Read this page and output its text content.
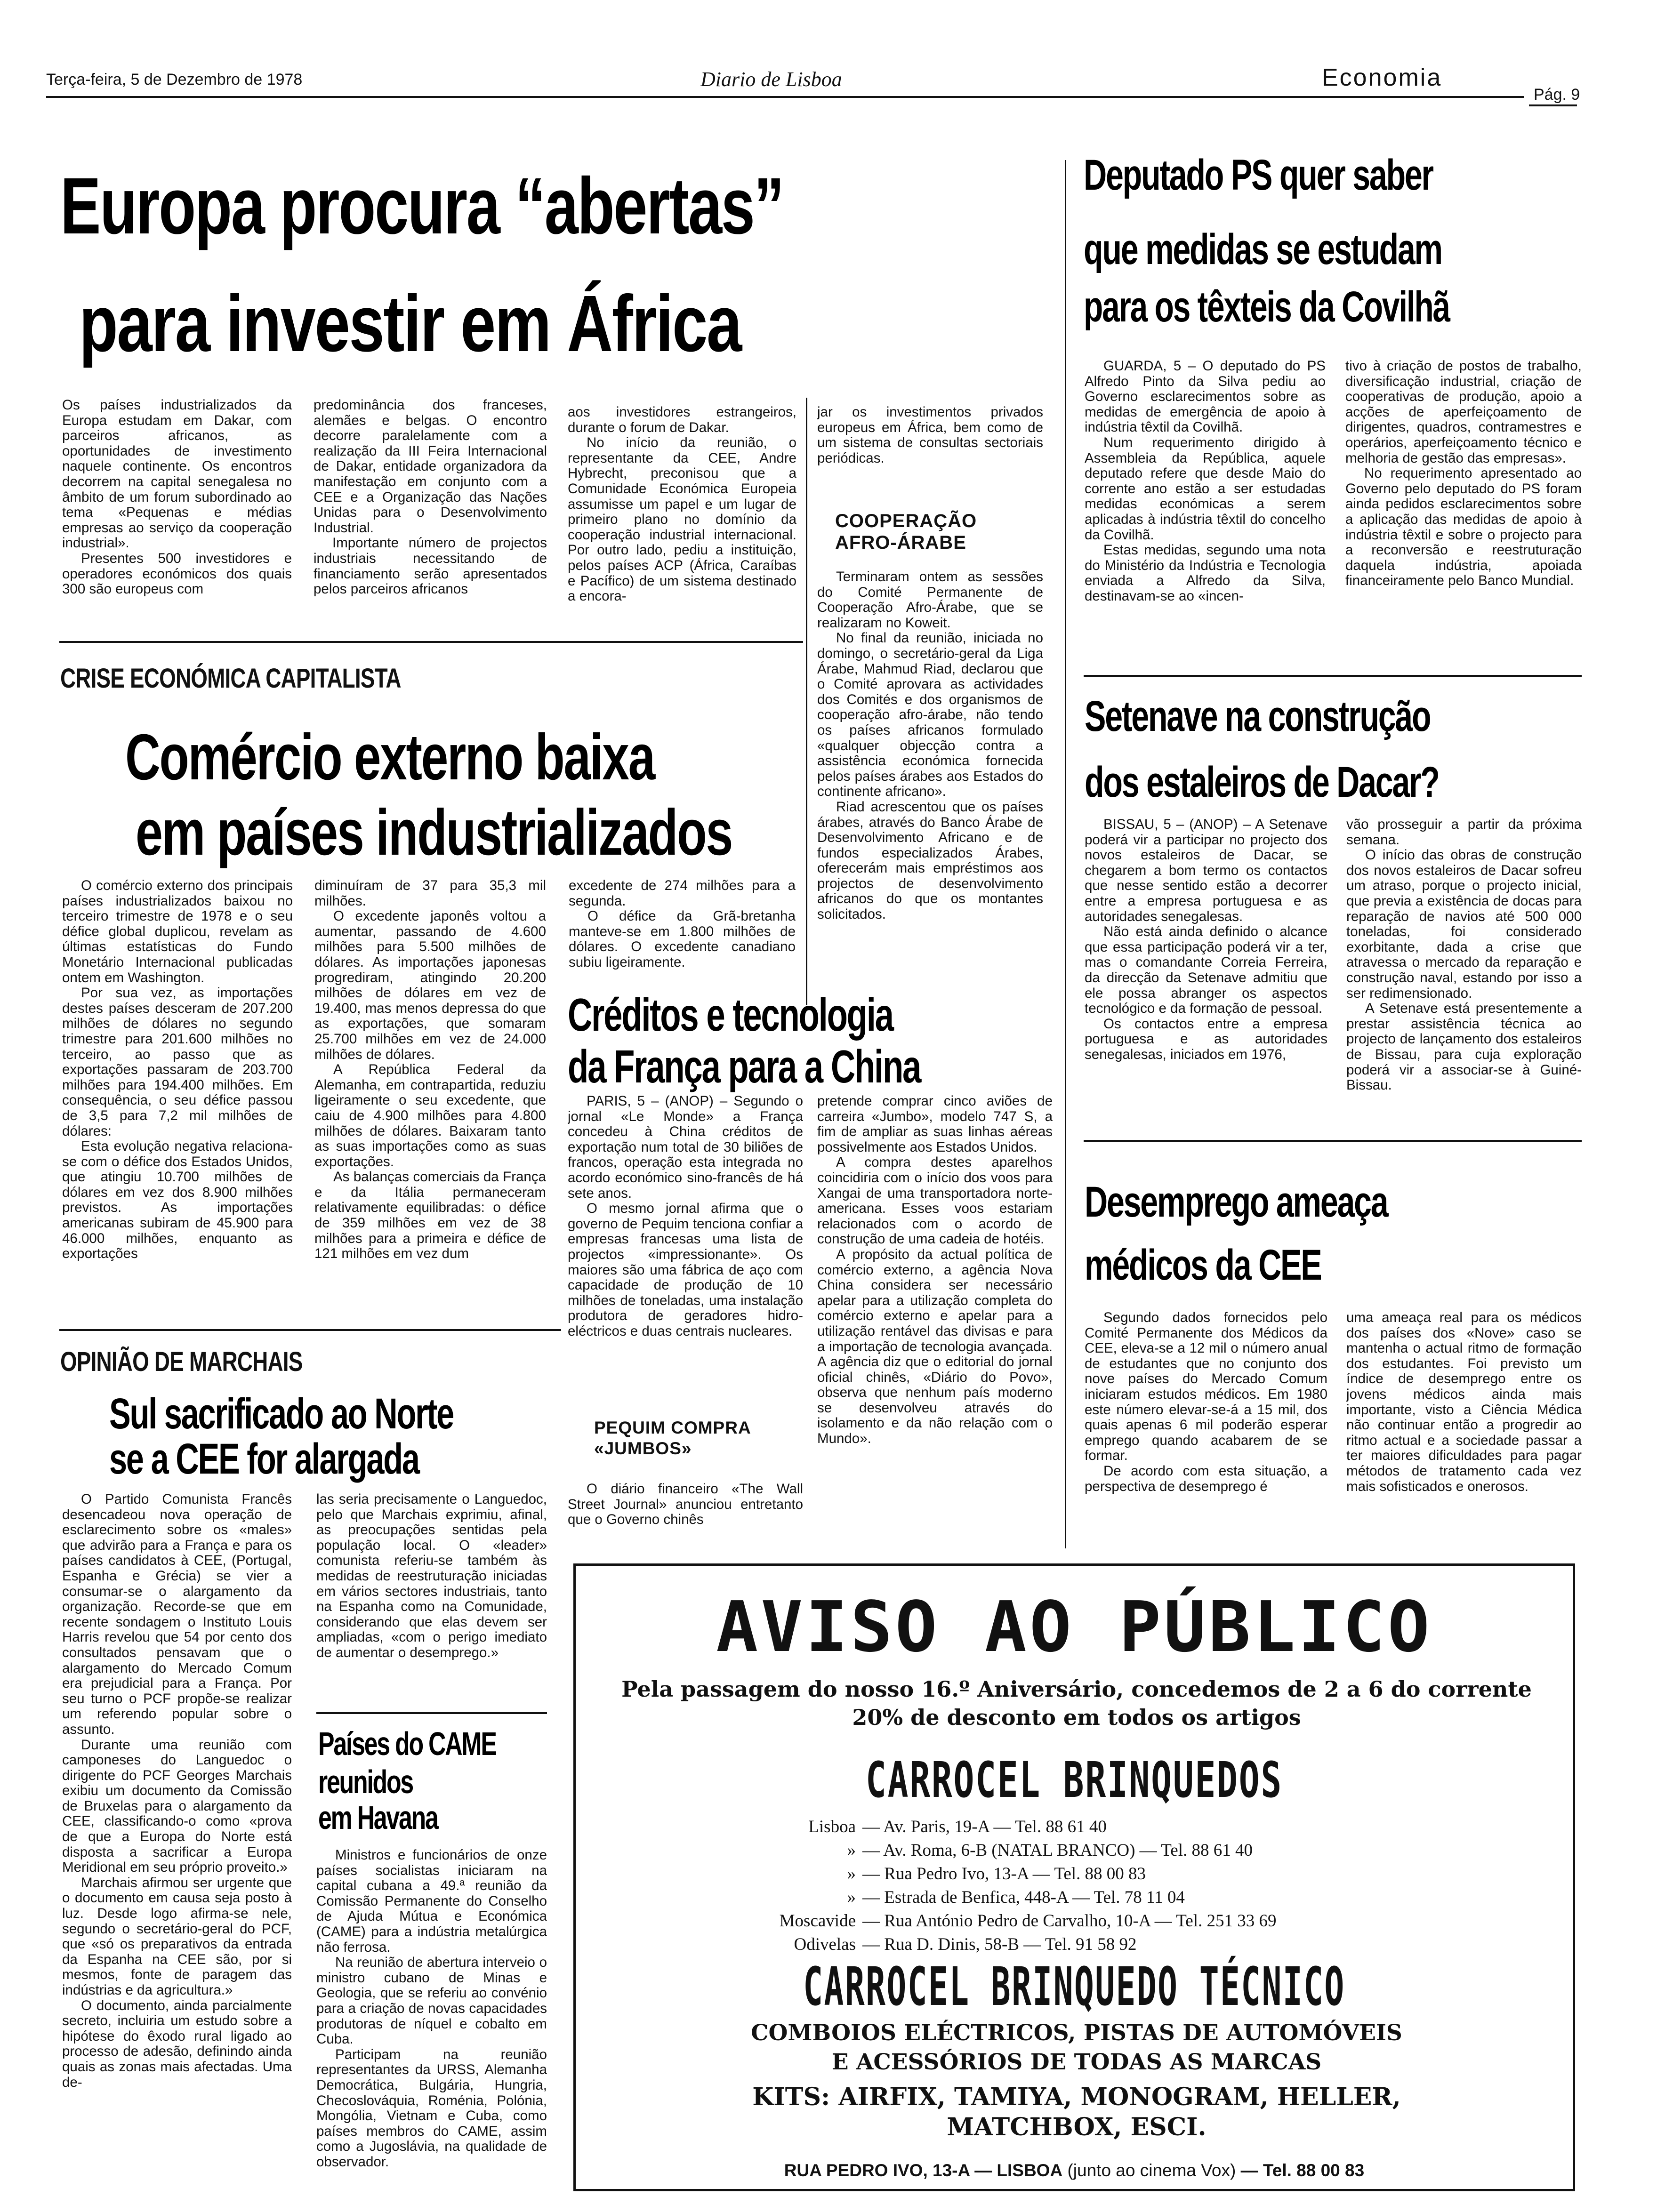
Terça-feira, 5 de Dezembro de 1978	Diario de Lisboa	Economia
Pág. 9
Europa procura “abertas”
para investir em África

Os países industrializados da Europa estudam em Dakar, com parceiros africanos, as oportunidades de investimento naquele continente. Os encontros decorrem na capital senegalesa no âmbito de um forum subordinado ao tema «Pequenas e médias empresas ao serviço da cooperação industrial».

Presentes 500 investidores e operadores económicos dos quais 300 são europeus com

predominância dos franceses, alemães e belgas. O encontro decorre paralelamente com a realização da III Feira Internacional de Dakar, entidade organizadora da manifestação em conjunto com a CEE e a Organização das Nações Unidas para o Desenvolvimento Industrial.

Importante número de projectos industriais necessitando de financiamento serão apresentados pelos parceiros africanos

aos investidores estrangeiros, durante o forum de Dakar.

No início da reunião, o representante da CEE, Andre Hybrecht, preconisou que a Comunidade Económica Europeia assumisse um papel e um lugar de primeiro plano no domínio da cooperação industrial internacional. Por outro lado, pediu a instituição, pelos países ACP (África, Caraíbas e Pacífico) de um sistema destinado a encora-

jar os investimentos privados europeus em África, bem como de um sistema de consultas sectoriais periódicas.

COOPERAÇÃO AFRO-ÁRABE

Terminaram ontem as sessões do Comité Permanente de Cooperação Afro-Árabe, que se realizaram no Koweit.

No final da reunião, iniciada no domingo, o secretário-geral da Liga Árabe, Mahmud Riad, declarou que o Comité aprovara as actividades dos Comités e dos organismos de cooperação afro-árabe, não tendo os países africanos formulado «qualquer objecção contra a assistência económica fornecida pelos países árabes aos Estados do continente africano».

Riad acrescentou que os países árabes, através do Banco Árabe de Desenvolvimento Africano e de fundos especializados Árabes, oferecerám mais empréstimos aos projectos de desenvolvimento africanos do que os montantes solicitados.

Deputado PS quer saber
que medidas se estudam
para os têxteis da Covilhã

GUARDA, 5 – O deputado do PS Alfredo Pinto da Silva pediu ao Governo esclarecimentos sobre as medidas de emergência de apoio à indústria têxtil da Covilhã.

Num requerimento dirigido à Assembleia da República, aquele deputado refere que desde Maio do corrente ano estão a ser estudadas medidas económicas a serem aplicadas à indústria têxtil do concelho da Covilhã.

Estas medidas, segundo uma nota do Ministério da Indústria e Tecnologia enviada a Alfredo da Silva, destinavam-se ao «incen-

tivo à criação de postos de trabalho, diversificação industrial, criação de cooperativas de produção, apoio a acções de aperfeiçoamento de dirigentes, quadros, contramestres e operários, aperfeiçoamento técnico e melhoria de gestão das empresas».

No requerimento apresentado ao Governo pelo deputado do PS foram ainda pedidos esclarecimentos sobre a aplicação das medidas de apoio à indústria têxtil e sobre o projecto para a reconversão e reestruturação daquela indústria, apoiada financeiramente pelo Banco Mundial.

CRISE ECONÓMICA CAPITALISTA
Comércio externo baixa
em países industrializados

O comércio externo dos principais países industrializados baixou no terceiro trimestre de 1978 e o seu défice global duplicou, revelam as últimas estatísticas do Fundo Monetário Internacional publicadas ontem em Washington.

Por sua vez, as importações destes países desceram de 207.200 milhões de dólares no segundo trimestre para 201.600 milhões no terceiro, ao passo que as exportações passaram de 203.700 milhões para 194.400 milhões. Em consequência, o seu défice passou de 3,5 para 7,2 mil milhões de dólares:

Esta evolução negativa relaciona-se com o défice dos Estados Unidos, que atingiu 10.700 milhões de dólares em vez dos 8.900 milhões previstos. As importações americanas subiram de 45.900 para 46.000 milhões, enquanto as exportações

diminuíram de 37 para 35,3 mil milhões.

O excedente japonês voltou a aumentar, passando de 4.600 milhões para 5.500 milhões de dólares. As importações japonesas progrediram, atingindo 20.200 milhões de dólares em vez de 19.400, mas menos depressa do que as exportações, que somaram 25.700 milhões em vez de 24.000 milhões de dólares.

A República Federal da Alemanha, em contrapartida, reduziu ligeiramente o seu excedente, que caiu de 4.900 milhões para 4.800 milhões de dólares. Baixaram tanto as suas importações como as suas exportações.

As balanças comerciais da França e da Itália permaneceram relativamente equilibradas: o défice de 359 milhões em vez de 38 milhões para a primeira e défice de 121 milhões em vez dum

excedente de 274 milhões para a segunda.

O défice da Grã-bretanha manteve-se em 1.800 milhões de dólares. O excedente canadiano subiu ligeiramente.

Créditos e tecnologia
da França para a China

PARIS, 5 – (ANOP) – Segundo o jornal «Le Monde» a França concedeu à China créditos de exportação num total de 30 biliões de francos, operação esta integrada no acordo económico sino-francês de há sete anos.

O mesmo jornal afirma que o governo de Pequim tenciona confiar a empresas francesas uma lista de projectos «impressionante». Os maiores são uma fábrica de aço com capacidade de produção de 10 milhões de toneladas, uma instalação produtora de geradores hidro-eléctricos e duas centrais nucleares.

PEQUIM COMPRA «JUMBOS»

O diário financeiro «The Wall Street Journal» anunciou entretanto que o Governo chinês

pretende comprar cinco aviões de carreira «Jumbo», modelo 747 S, a fim de ampliar as suas linhas aéreas possivelmente aos Estados Unidos.

A compra destes aparelhos coincidiria com o início dos voos para Xangai de uma transportadora norte-americana. Esses voos estariam relacionados com o acordo de construção de uma cadeia de hotéis.

A propósito da actual política de comércio externo, a agência Nova China considera ser necessário apelar para a utilização completa do comércio externo e apelar para a utilização rentável das divisas e para a importação de tecnologia avançada. A agência diz que o editorial do jornal oficial chinês, «Diário do Povo», observa que nenhum país moderno se desenvolveu através do isolamento e da não relação com o Mundo».

Setenave na construção
dos estaleiros de Dacar?

BISSAU, 5 – (ANOP) – A Setenave poderá vir a participar no projecto dos novos estaleiros de Dacar, se chegarem a bom termo os contactos que nesse sentido estão a decorrer entre a empresa portuguesa e as autoridades senegalesas.

Não está ainda definido o alcance que essa participação poderá vir a ter, mas o comandante Correia Ferreira, da direcção da Setenave admitiu que ele possa abranger os aspectos tecnológico e da formação de pessoal.

Os contactos entre a empresa portuguesa e as autoridades senegalesas, iniciados em 1976,

vão prosseguir a partir da próxima semana.

O início das obras de construção dos novos estaleiros de Dacar sofreu um atraso, porque o projecto inicial, que previa a existência de docas para reparação de navios até 500 000 toneladas, foi considerado exorbitante, dada a crise que atravessa o mercado da reparação e construção naval, estando por isso a ser redimensionado.

A Setenave está presentemente a prestar assistência técnica ao projecto de lançamento dos estaleiros de Bissau, para cuja exploração poderá vir a associar-se à Guiné-Bissau.

Desemprego ameaça
médicos da CEE

Segundo dados fornecidos pelo Comité Permanente dos Médicos da CEE, eleva-se a 12 mil o número anual de estudantes que no conjunto dos nove países do Mercado Comum iniciaram estudos médicos. Em 1980 este número elevar-se-á a 15 mil, dos quais apenas 6 mil poderão esperar emprego quando acabarem de se formar.

De acordo com esta situação, a perspectiva de desemprego é

uma ameaça real para os médicos dos países dos «Nove» caso se mantenha o actual ritmo de formação dos estudantes. Foi previsto um índice de desemprego entre os jovens médicos ainda mais importante, visto a Ciência Médica não continuar então a progredir ao ritmo actual e a sociedade passar a ter maiores dificuldades para pagar métodos de tratamento cada vez mais sofisticados e onerosos.

OPINIÃO DE MARCHAIS
Sul sacrificado ao Norte
se a CEE for alargada

O Partido Comunista Francês desencadeou nova operação de esclarecimento sobre os «males» que advirão para a França e para os países candidatos à CEE, (Portugal, Espanha e Grécia) se vier a consumar-se o alargamento da organização. Recorde-se que em recente sondagem o Instituto Louis Harris revelou que 54 por cento dos consultados pensavam que o alargamento do Mercado Comum era prejudicial para a França. Por seu turno o PCF propõe-se realizar um referendo popular sobre o assunto.

Durante uma reunião com camponeses do Languedoc o dirigente do PCF Georges Marchais exibiu um documento da Comissão de Bruxelas para o alargamento da CEE, classificando-o como «prova de que a Europa do Norte está disposta a sacrificar a Europa Meridional em seu próprio proveito.»

Marchais afirmou ser urgente que o documento em causa seja posto à luz. Desde logo afirma-se nele, segundo o secretário-geral do PCF, que «só os preparativos da entrada da Espanha na CEE são, por si mesmos, fonte de paragem das indústrias e da agricultura.»

O documento, ainda parcialmente secreto, incluiria um estudo sobre a hipótese do êxodo rural ligado ao processo de adesão, definindo ainda quais as zonas mais afectadas. Uma de-

las seria precisamente o Languedoc, pelo que Marchais exprimiu, afinal, as preocupações sentidas pela população local. O «leader» comunista referiu-se também às medidas de reestruturação iniciadas em vários sectores industriais, tanto na Espanha como na Comunidade, considerando que elas devem ser ampliadas, «com o perigo imediato de aumentar o desemprego.»

Países do CAME
reunidos
em Havana

Ministros e funcionários de onze países socialistas iniciaram na capital cubana a 49.ª reunião da Comissão Permanente do Conselho de Ajuda Mútua e Económica (CAME) para a indústria metalúrgica não ferrosa.

Na reunião de abertura interveio o ministro cubano de Minas e Geologia, que se referiu ao convénio para a criação de novas capacidades produtoras de níquel e cobalto em Cuba.

Participam na reunião representantes da URSS, Alemanha Democrática, Bulgária, Hungria, Checoslováquia, Roménia, Polónia, Mongólia, Vietnam e Cuba, como países membros do CAME, assim como a Jugoslávia, na qualidade de observador.

AVISO AO PÚBLICO
Pela passagem do nosso 16.º Aniversário, concedemos de 2 a 6 do corrente 20% de desconto em todos os artigos
CARROCEL BRINQUEDOS
Lisboa — Av. Paris, 19-A — Tel. 88 61 40
» — Av. Roma, 6-B (NATAL BRANCO) — Tel. 88 61 40
» — Rua Pedro Ivo, 13-A — Tel. 88 00 83
» — Estrada de Benfica, 448-A — Tel. 78 11 04
Moscavide — Rua António Pedro de Carvalho, 10-A — Tel. 251 33 69
Odivelas — Rua D. Dinis, 58-B — Tel. 91 58 92
CARROCEL BRINQUEDO TÉCNICO
COMBOIOS ELÉCTRICOS, PISTAS DE AUTOMÓVEIS
E ACESSÓRIOS DE TODAS AS MARCAS
KITS: AIRFIX, TAMIYA, MONOGRAM, HELLER,
MATCHBOX, ESCI.
RUA PEDRO IVO, 13-A — LISBOA (junto ao cinema Vox) — Tel. 88 00 83
